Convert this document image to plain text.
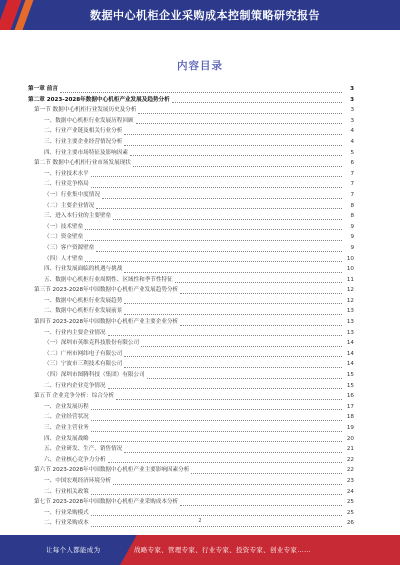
数据中心机柜企业采购成本控制策略研究报告
内容目录
第一章 前言	3
第二章 2023-2028年数据中心机柜产业发展及趋势分析	3
第一节 数据中心机柜行业发展历史及分析	3
一、数据中心机柜行业发展历程回顾	3
二、行业产业链及相关行业分析	4
三、行业主要企业经营情况分析	4
四、行业主要市场特征及影响因素	5
第二节 数据中心机柜行业市场发展现状	6
一、行业技术水平	7
二、行业竞争格局	7
（一）行业集中度情况	7
（二）主要企业情况	8
三、进入本行业的主要壁垒	8
（一）技术壁垒	9
（二）资金壁垒	9
（三）客户资源壁垒	9
（四）人才壁垒	10
四、行业发展面临的机遇与挑战	10
五、数据中心机柜行业周期性、区域性和季节性特征	11
第三节 2023-2028年中国数据中心机柜产业发展趋势分析	12
一、数据中心机柜行业发展趋势	12
二、数据中心机柜行业发展前景	13
第四节 2023-2028年中国数据中心机柜产业主要企业分析	13
一、行业内主要企业情况	13
（一）深圳市英维克科技股份有限公司	14
（二）广州市网纬电子有限公司	14
（三）宁波市三利技术有限公司	14
（四）深圳市图腾科技（集团）有限公司	15
二、行业内企业竞争情况	15
第五节 企业竞争分析：综合分析	16
一、企业发展历程	17
二、企业经营状况	18
三、企业主营业务	19
四、企业发展战略	20
五、企业研发、生产、销售情况	21
六、企业核心竞争力分析	22
第六节 2023-2028年中国数据中心机柜产业主要影响因素分析	22
一、中国宏观经济环境分析	23
二、行业相关政策	24
第七节 2023-2028年中国数据中心机柜产业采购成本分析	25
一、行业采购模式	25
二、行业采购成本	26
2
让每个人都能成为	战略专家、管理专家、行业专家、投资专家、创业专家……
